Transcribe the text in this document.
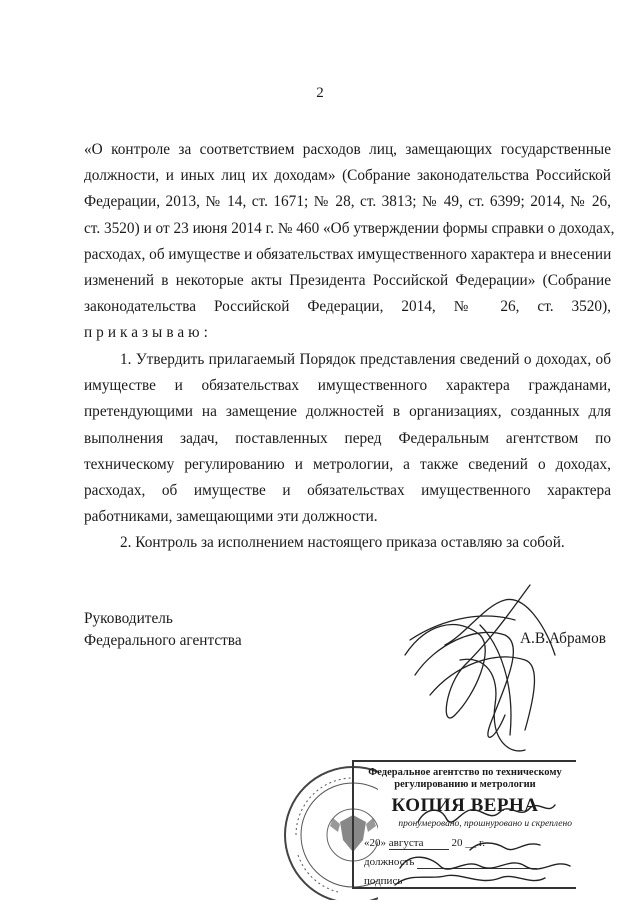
2
«О контроле за соответствием расходов лиц, замещающих государственные
должности, и иных лиц их доходам» (Собрание законодательства Российской
Федерации, 2013, № 14, ст. 1671; № 28, ст. 3813; № 49, ст. 6399; 2014, № 26,
ст. 3520) и от 23 июня 2014 г. № 460 «Об утверждении формы справки о доходах,
расходах, об имуществе и обязательствах имущественного характера и внесении
изменений в некоторые акты Президента Российской Федерации» (Собрание
законодательства Российской Федерации, 2014, № 26, ст. 3520),
приказываю:
1. Утвердить прилагаемый Порядок представления сведений о доходах, об
имуществе и обязательствах имущественного характера гражданами,
претендующими на замещение должностей в организациях, созданных для
выполнения задач, поставленных перед Федеральным агентством по
техническому регулированию и метрологии, а также сведений о доходах,
расходах, об имуществе и обязательствах имущественного характера
работниками, замещающими эти должности.
2. Контроль за исполнением настоящего приказа оставляю за собой.
Руководитель
Федерального агентства	А.В.Абрамов
Федеральное агентство по техническому
регулированию и метрологии
КОПИЯ ВЕРНА
пронумеровано, прошнуровано и скреплено
«20» августа	20 __ г.
должность
подпись
